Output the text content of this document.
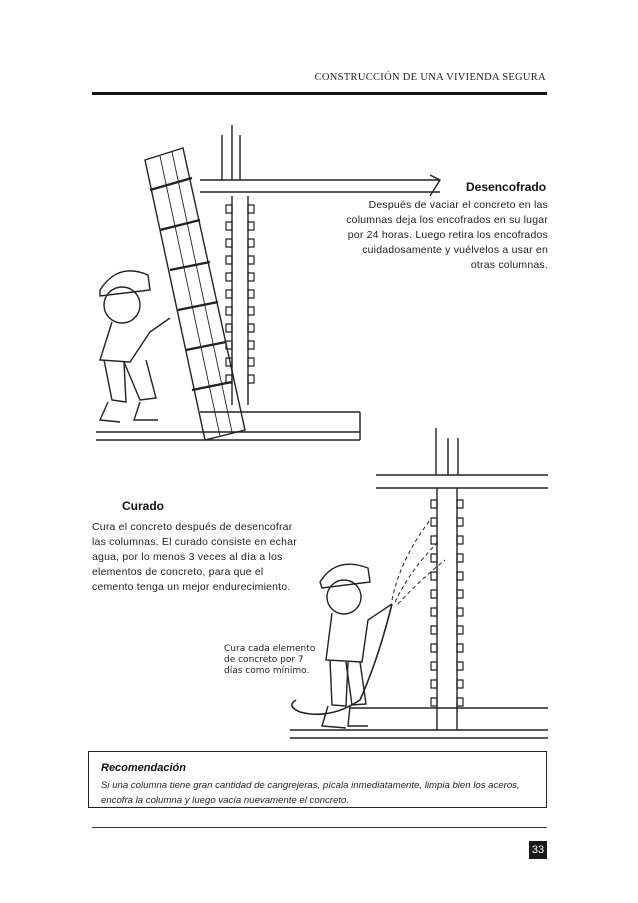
CONSTRUCCIÓN DE UNA VIVIENDA SEGURA
Desencofrado
Después de vaciar el concreto en las
columnas deja los encofrados en su lugar
por 24 horas. Luego retira los encofrados
cuidadosamente y vuélvelos a usar en
otras columnas.
Curado
Cura el concreto después de desencofrar
las columnas. El curado consiste en echar
agua, por lo menos 3 veces al día a los
elementos de concreto, para que el
cemento tenga un mejor endurecimiento.
Cura cada elemento
de concreto por 7
días como mínimo.
Recomendación
Si una columna tiene gran cantidad de cangrejeras, pícala inmediatamente, limpia bien los aceros,
encofra la columna y luego vacía nuevamente el concreto.
33
